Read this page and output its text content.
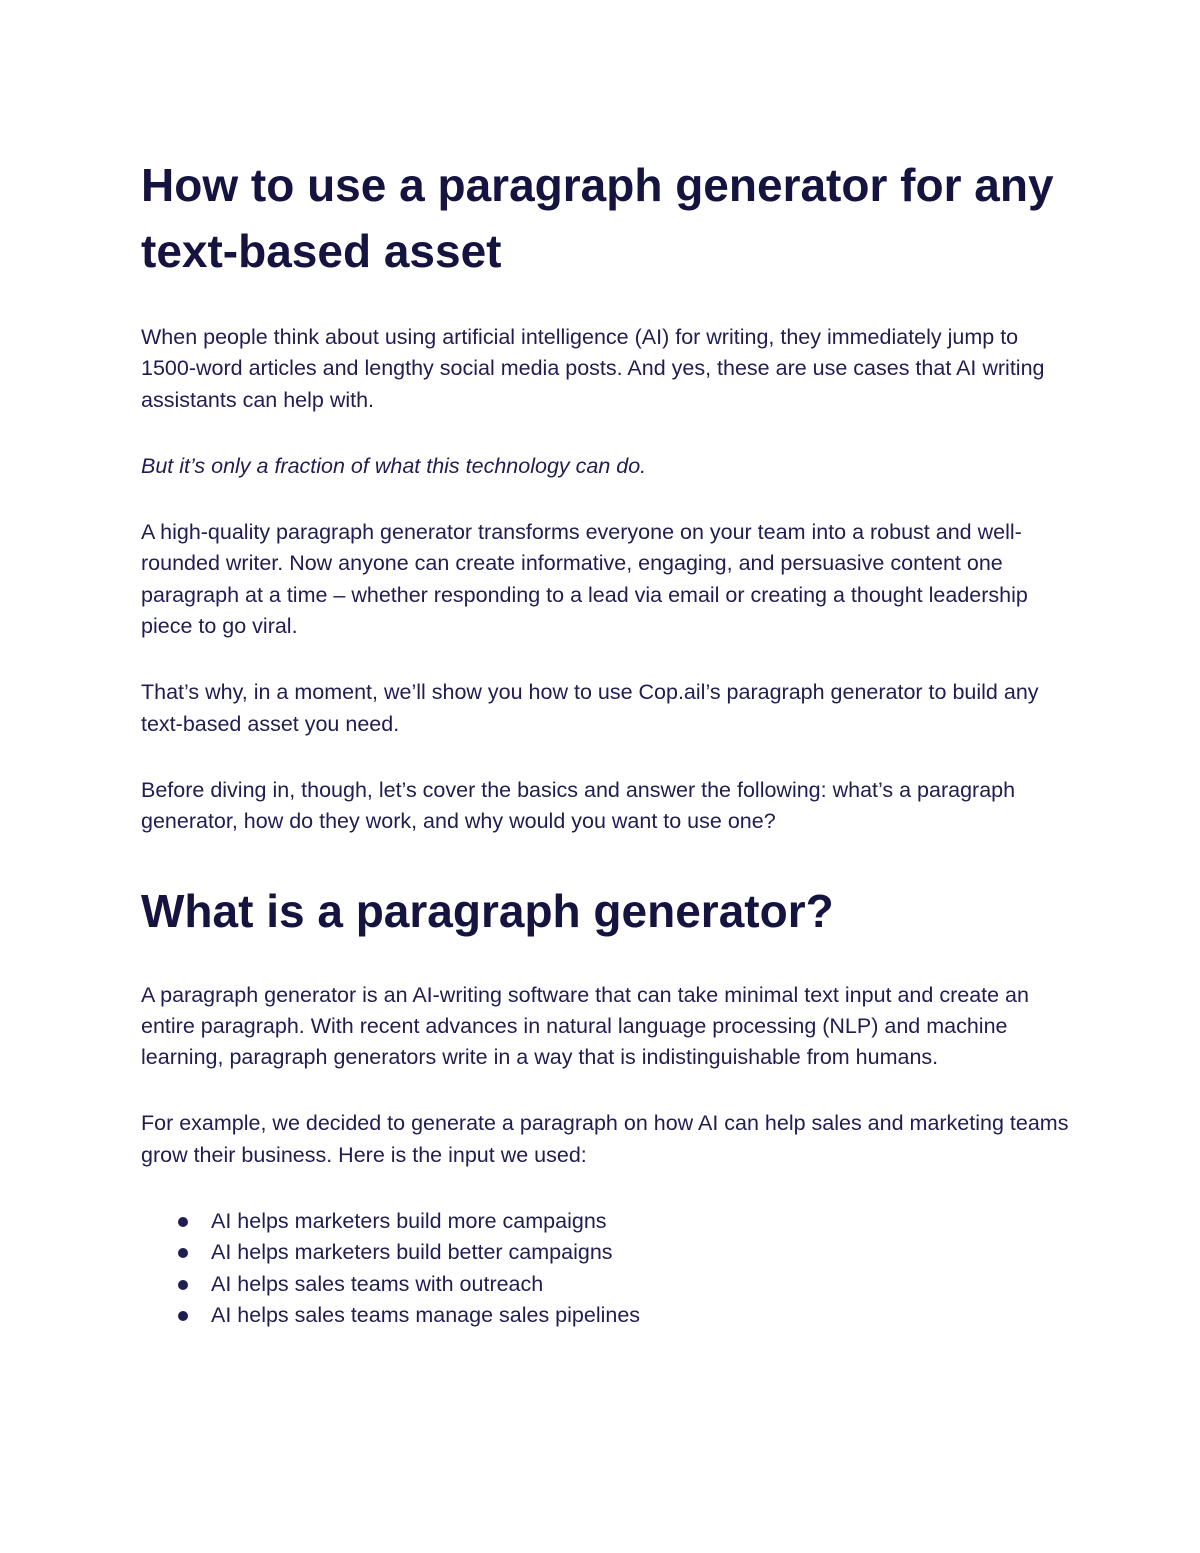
How to use a paragraph generator for any text-based asset

When people think about using artificial intelligence (AI) for writing, they immediately jump to 1500-word articles and lengthy social media posts. And yes, these are use cases that AI writing assistants can help with.

But it’s only a fraction of what this technology can do.

A high-quality paragraph generator transforms everyone on your team into a robust and well-rounded writer. Now anyone can create informative, engaging, and persuasive content one paragraph at a time – whether responding to a lead via email or creating a thought leadership piece to go viral.

That’s why, in a moment, we’ll show you how to use Cop.ail’s paragraph generator to build any text-based asset you need.

Before diving in, though, let’s cover the basics and answer the following: what’s a paragraph generator, how do they work, and why would you want to use one?

What is a paragraph generator?

A paragraph generator is an AI-writing software that can take minimal text input and create an entire paragraph. With recent advances in natural language processing (NLP) and machine learning, paragraph generators write in a way that is indistinguishable from humans.

For example, we decided to generate a paragraph on how AI can help sales and marketing teams grow their business. Here is the input we used:

AI helps marketers build more campaigns
AI helps marketers build better campaigns
AI helps sales teams with outreach
AI helps sales teams manage sales pipelines
